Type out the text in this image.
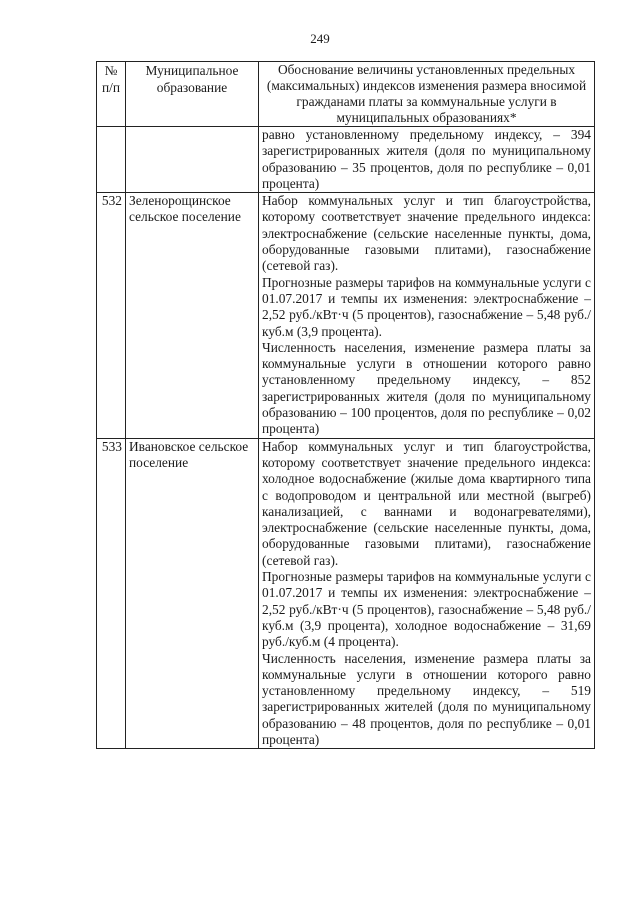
249
№ п/п	Муниципальное образование	Обоснование величины установленных предельных (максимальных) индексов изменения размера вносимой гражданами платы за коммунальные услуги в муниципальных образованиях*

		равно установленному предельному индексу, – 394 зарегистрированных жителя (доля по муниципальному образованию – 35 процентов, доля по республике – 0,01 процента)

532	Зеленорощинское сельское поселение	Набор коммунальных услуг и тип благоустройства, которому соответствует значение предельного индекса: электроснабжение (сельские населенные пункты, дома, оборудованные газовыми плитами), газоснабжение (сетевой газ).

Прогнозные размеры тарифов на коммунальные услуги с 01.07.2017 и темпы их изменения: электроснабжение – 2,52 руб./кВт·ч (5 процентов), газоснабжение – 5,48 руб./куб.м (3,9 процента).

Численность населения, изменение размера платы за коммунальные услуги в отношении которого равно установленному предельному индексу, – 852 зарегистрированных жителя (доля по муниципальному образованию – 100 процентов, доля по республике – 0,02 процента)

533	Ивановское сельское поселение	Набор коммунальных услуг и тип благоустройства, которому соответствует значение предельного индекса: холодное водоснабжение (жилые дома квартирного типа с водопроводом и центральной или местной (выгреб) канализацией, с ваннами и водонагревателями), электроснабжение (сельские населенные пункты, дома, оборудованные газовыми плитами), газоснабжение (сетевой газ).

Прогнозные размеры тарифов на коммунальные услуги с 01.07.2017 и темпы их изменения: электроснабжение – 2,52 руб./кВт·ч (5 процентов), газоснабжение – 5,48 руб./куб.м (3,9 процента), холодное водоснабжение – 31,69 руб./куб.м (4 процента).

Численность населения, изменение размера платы за коммунальные услуги в отношении которого равно установленному предельному индексу, – 519 зарегистрированных жителей (доля по муниципальному образованию – 48 процентов, доля по республике – 0,01 процента)
